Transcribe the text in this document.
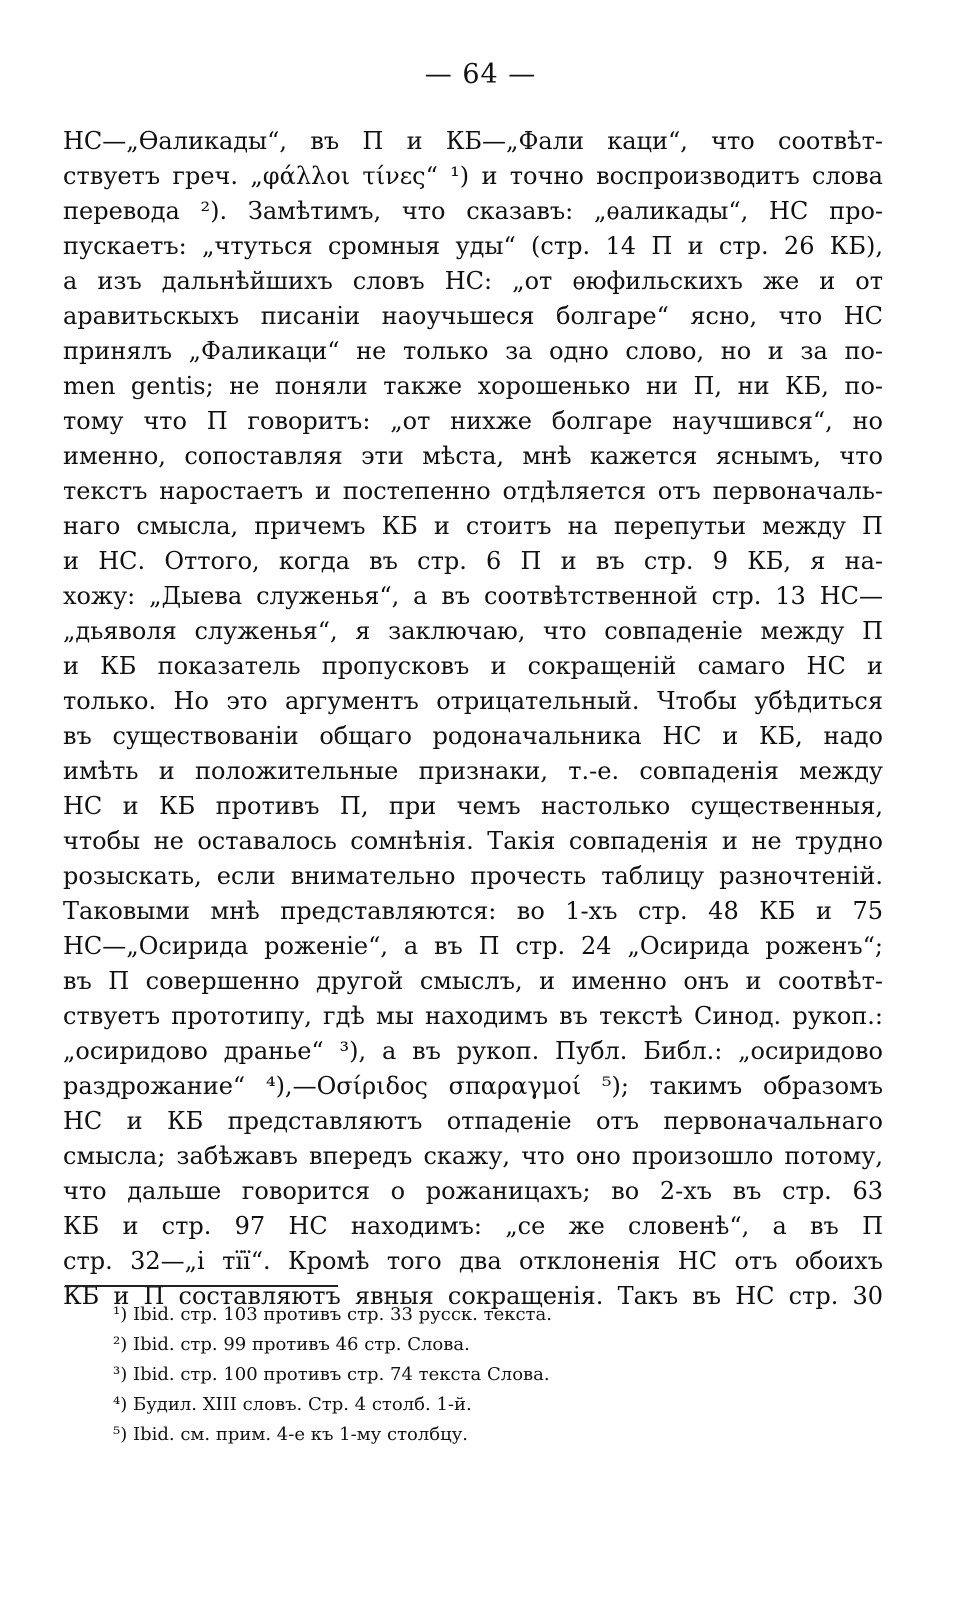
— 64 —
НС—„Ѳаликады“, въ П и КБ—„Фали каци“, что соотвѣт-
ствуетъ греч. „φάλλοι τίνες“ ¹) и точно воспроизводитъ слова
перевода ²). Замѣтимъ, что сказавъ: „ѳаликады“, НС про-
пускаетъ: „чтуться сромныя уды“ (стр. 14 П и стр. 26 КБ),
а изъ дальнѣйшихъ словъ НС: „от ѳюфильскихъ же и от
аравитьскыхъ писанiи наоучьшеся болгаре“ ясно, что НС
принялъ „Фаликаци“ не только за одно слово, но и за по-
men gentis; не поняли также хорошенько ни П, ни КБ, по-
тому что П говоритъ: „от нихже болгаре научшився“, но
именно, сопоставляя эти мѣста, мнѣ кажется яснымъ, что
текстъ наростаетъ и постепенно отдѣляется отъ первоначаль-
наго смысла, причемъ КБ и стоитъ на перепутьи между П
и НС. Оттого, когда въ стр. 6 П и въ стр. 9 КБ, я на-
хожу: „Дыева служенья“, а въ соотвѣтственной стр. 13 НС—
„дьяволя служенья“, я заключаю, что совпаденiе между П
и КБ показатель пропусковъ и сокращенiй самаго НС и
только. Но это аргументъ отрицательный. Чтобы убѣдиться
въ существованiи общаго родоначальника НС и КБ, надо
имѣть и положительные признаки, т.-е. совпаденiя между
НС и КБ противъ П, при чемъ настолько существенныя,
чтобы не оставалось сомнѣнiя. Такiя совпаденiя и не трудно
розыскать, если внимательно прочесть таблицу разночтенiй.
Таковыми мнѣ представляются: во 1-хъ стр. 48 КБ и 75
НС—„Осирида роженiе“, а въ П стр. 24 „Осирида роженъ“;
въ П совершенно другой смыслъ, и именно онъ и соотвѣт-
ствуетъ прототипу, гдѣ мы находимъ въ текстѣ Синод. рукоп.:
„осиридово дранье“ ³), а въ рукоп. Публ. Библ.: „осиридово
раздрожание“ ⁴),—Οσίριδος σπαραγμοί ⁵); такимъ образомъ
НС и КБ представляютъ отпаденiе отъ первоначальнаго
смысла; забѣжавъ впередъ скажу, что оно произошло потому,
что дальше говорится о рожаницахъ; во 2-хъ въ стр. 63
КБ и стр. 97 НС находимъ: „се же словенѣ“, а въ П
стр. 32—„i тïï“. Кромѣ того два отклоненiя НС отъ обоихъ
КБ и П составляютъ явныя сокращенiя. Такъ въ НС стр. 30
¹) Ibid. стр. 103 противъ стр. 33 русск. текста.
²) Ibid. стр. 99 противъ 46 стр. Слова.
³) Ibid. стр. 100 противъ стр. 74 текста Слова.
⁴) Будил. XIII словъ. Стр. 4 столб. 1-й.
⁵) Ibid. см. прим. 4-е къ 1-му столбцу.
